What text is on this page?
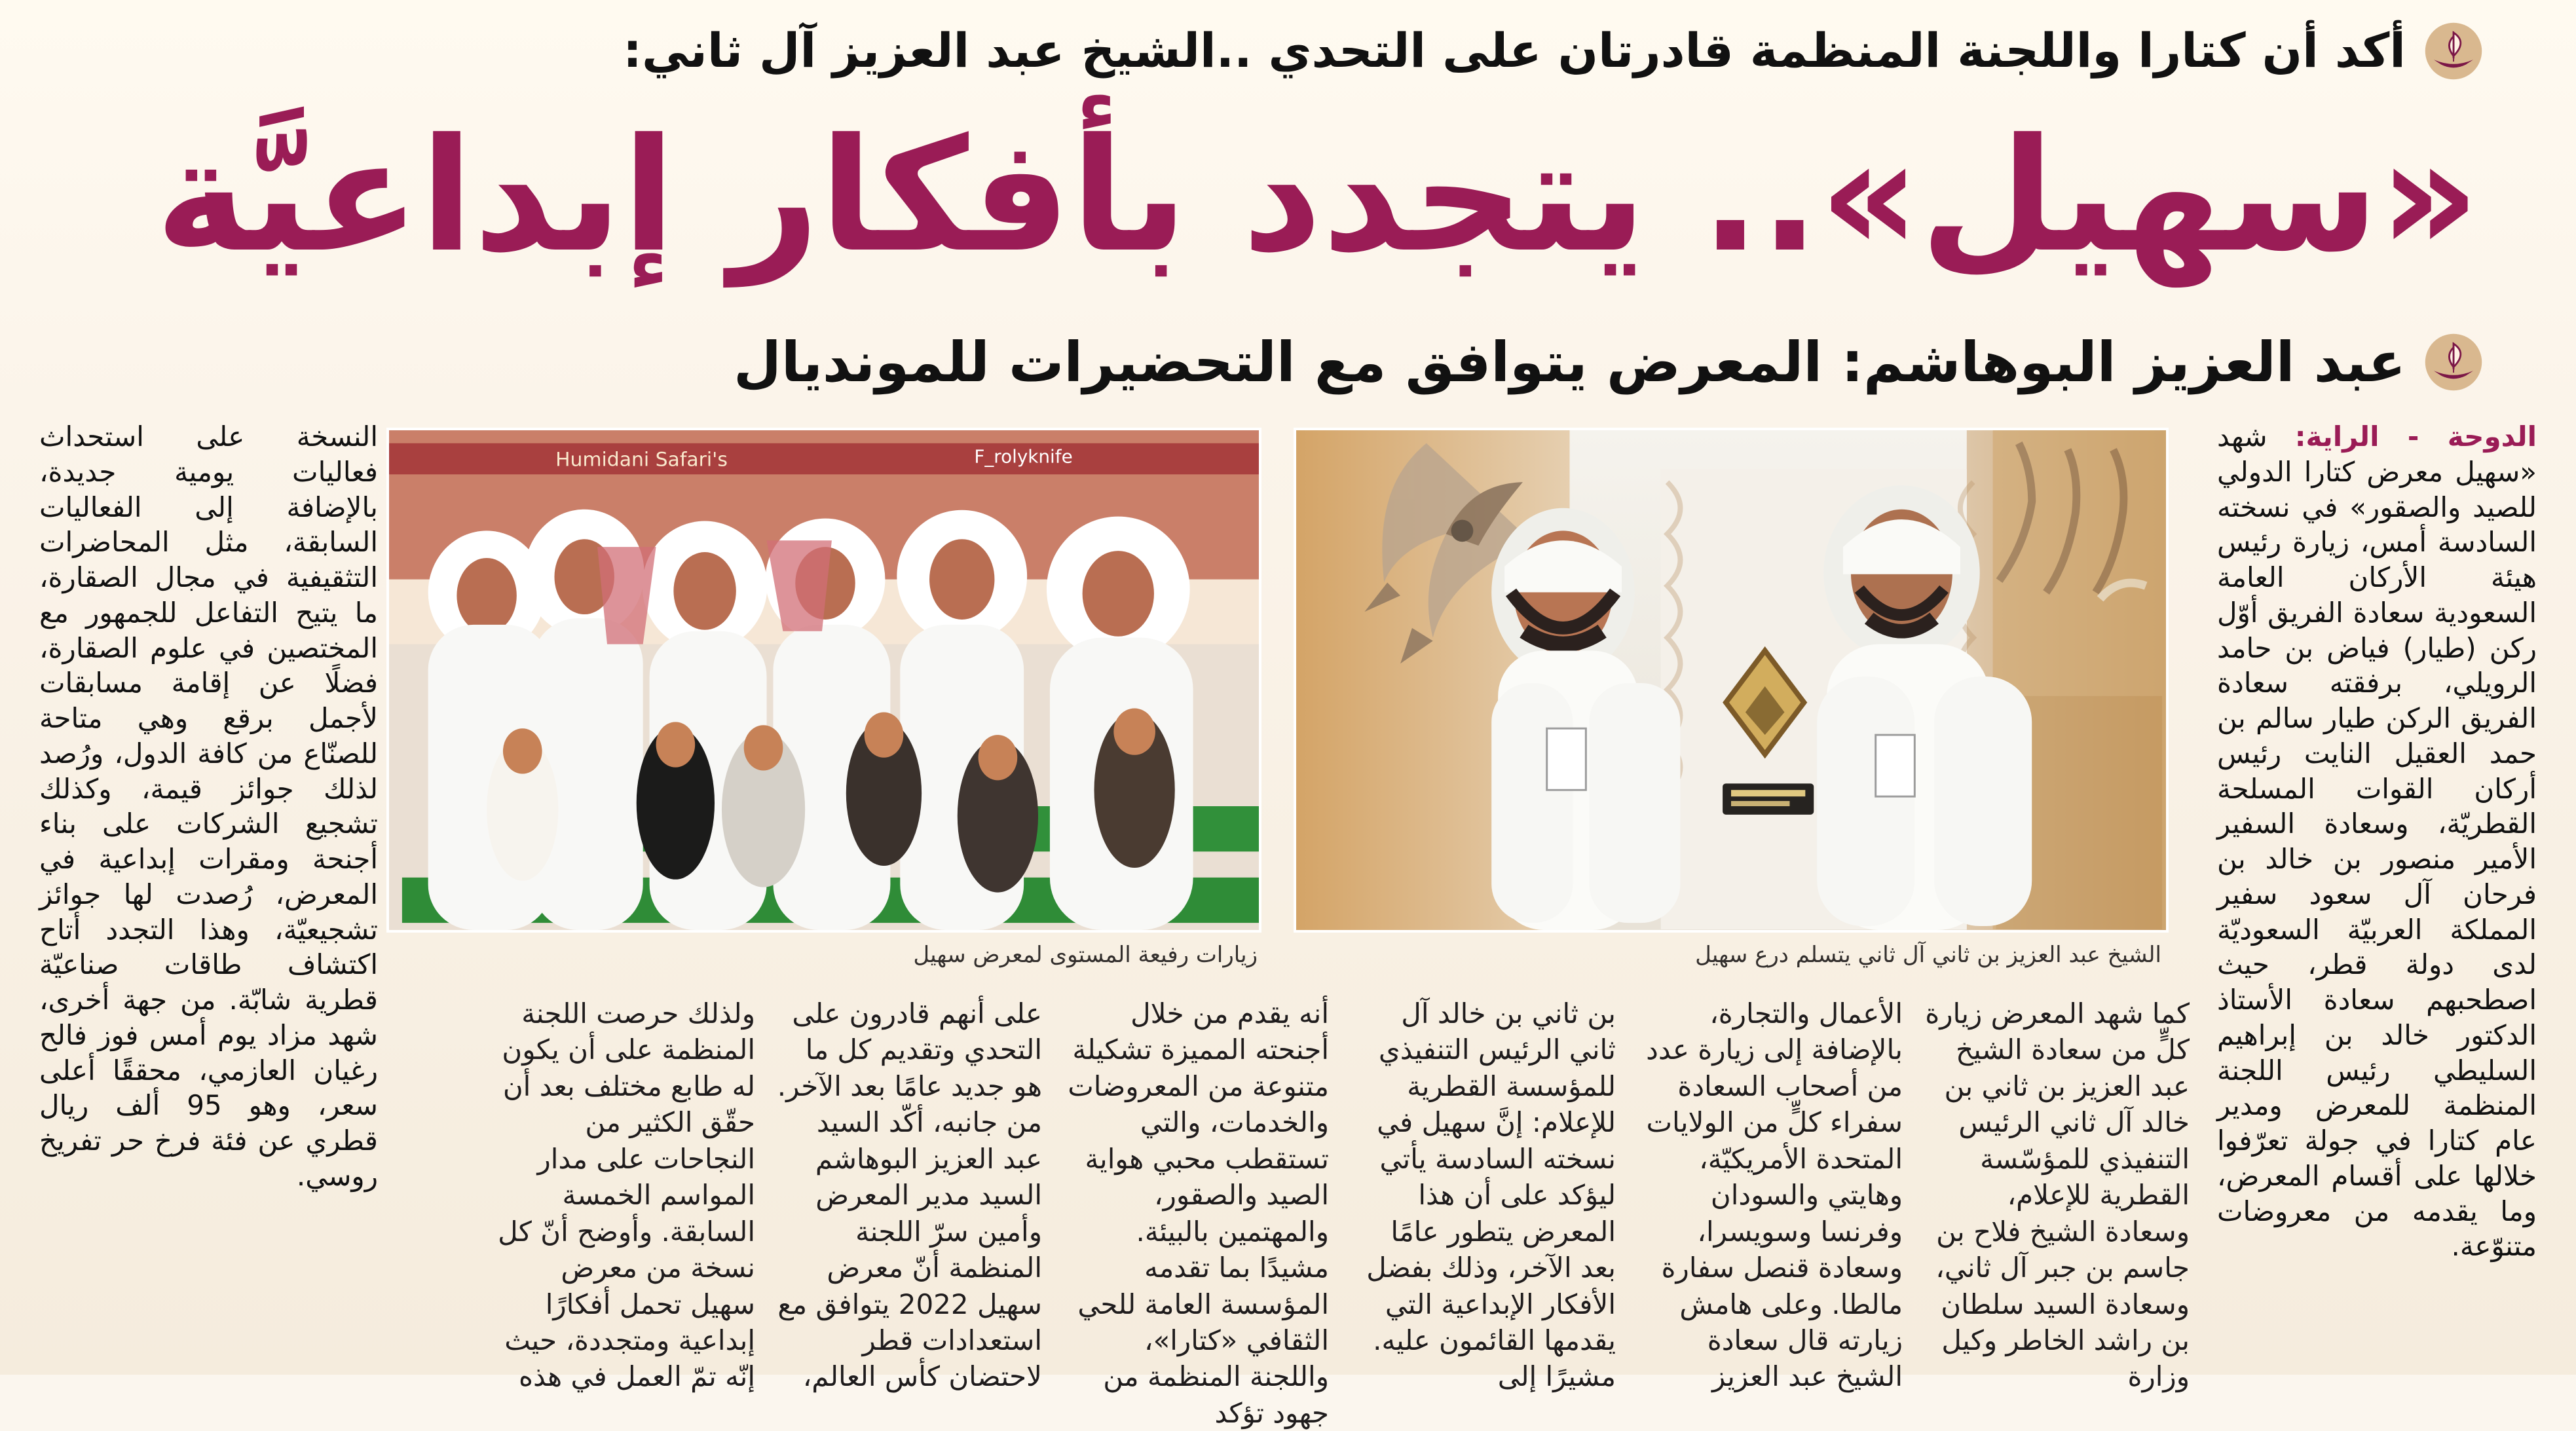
أكد أن كتارا واللجنة المنظمة قادرتان على التحدي ..الشيخ عبد العزيز آل ثاني:
«سهيل».. يتجدد بأفكار إبداعيَّة
عبد العزيز البوهاشم: المعرض يتوافق مع التحضيرات للمونديال

الدوحة - الراية: شهد «سهيل معرض كتارا الدولي للصيد والصقور» في نسخته السادسة أمس، زيارة رئيس هيئة الأركان العامة السعودية سعادة الفريق أوّل ركن (طيار) فياض بن حامد الرويلي، برفقته سعادة الفريق الركن طيار سالم بن حمد العقيل النايت رئيس أركان القوات المسلحة القطريّة، وسعادة السفير الأمير منصور بن خالد بن فرحان آل سعود سفير المملكة العربيّة السعوديّة لدى دولة قطر، حيث اصطحبهم سعادة الأستاذ الدكتور خالد بن إبراهيم السليطي رئيس اللجنة المنظمة للمعرض ومدير عام كتارا في جولة تعرّفوا خلالها على أقسام المعرض، وما يقدمه من معروضات متنوّعة.

الشيخ عبد العزيز بن ثاني آل ثاني يتسلم درع سهيل
Humidani Safari's	F_rolyknife
زيارات رفيعة المستوى لمعرض سهيل

كما شهد المعرض زيارة كلٍّ من سعادة الشيخ عبد العزيز بن ثاني بن خالد آل ثاني الرئيس التنفيذي للمؤسّسة القطرية للإعلام، وسعادة الشيخ فلاح بن جاسم بن جبر آل ثاني، وسعادة السيد سلطان بن راشد الخاطر وكيل وزارة

الأعمال والتجارة، بالإضافة إلى زيارة عدد من أصحاب السعادة سفراء كلٍّ من الولايات المتحدة الأمريكيّة، وهايتي والسودان وفرنسا وسويسرا، وسعادة قنصل سفارة مالطا. وعلى هامش زيارته قال سعادة الشيخ عبد العزيز

بن ثاني بن خالد آل ثاني الرئيس التنفيذي للمؤسسة القطرية للإعلام: إنَّ سهيل في نسخته السادسة يأتي ليؤكد على أن هذا المعرض يتطور عامًا بعد الآخر، وذلك بفضل الأفكار الإبداعية التي يقدمها القائمون عليه. مشيرًا إلى

أنه يقدم من خلال أجنحته المميزة تشكيلة متنوعة من المعروضات والخدمات، والتي تستقطب محبي هواية الصيد والصقور، والمهتمين بالبيئة. مشيدًا بما تقدمه المؤسسة العامة للحي الثقافي «كتارا»، واللجنة المنظمة من جهود تؤكد

على أنهم قادرون على التحدي وتقديم كل ما هو جديد عامًا بعد الآخر. من جانبه، أكّد السيد عبد العزيز البوهاشم السيد مدير المعرض وأمين سرّ اللجنة المنظمة أنّ معرض سهيل 2022 يتوافق مع استعدادات قطر لاحتضان كأس العالم،

ولذلك حرصت اللجنة المنظمة على أن يكون له طابع مختلف بعد أن حقّق الكثير من النجاحات على مدار المواسم الخمسة السابقة. وأوضح أنّ كل نسخة من معرض سهيل تحمل أفكارًا إبداعية ومتجددة، حيث إنّه تمّ العمل في هذه

النسخة على استحداث فعاليات يومية جديدة، بالإضافة إلى الفعاليات السابقة، مثل المحاضرات التثقيفية في مجال الصقارة، ما يتيح التفاعل للجمهور مع المختصين في علوم الصقارة، فضلًا عن إقامة مسابقات لأجمل برقع وهي متاحة للصنّاع من كافة الدول، ورُصد لذلك جوائز قيمة، وكذلك تشجيع الشركات على بناء أجنحة ومقرات إبداعية في المعرض، رُصدت لها جوائز تشجيعيّة، وهذا التجدد أتاح اكتشاف طاقات صناعيّة قطرية شابّة. من جهة أخرى، شهد مزاد يوم أمس فوز فالح رغيان العازمي، محققًا أعلى سعر، وهو 95 ألف ريال قطري عن فئة فرخ حر تفريخ روسي.
